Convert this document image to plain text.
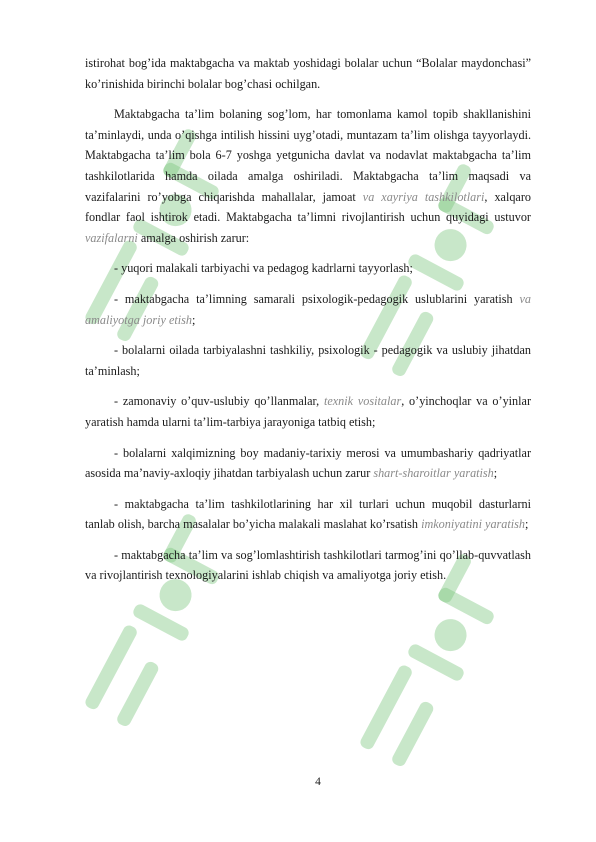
istirohat bog’ida maktabgacha va maktab yoshidagi bolalar uchun “Bolalar maydonchasi” ko’rinishida birinchi bolalar bog’chasi ochilgan.

Maktabgacha ta’lim bolaning sog’lom, har tomonlama kamol topib shakllanishini ta’minlaydi, unda o’qishga intilish hissini uyg’otadi, muntazam ta’lim olishga tayyorlaydi. Maktabgacha ta’lim bola 6-7 yoshga yetgunicha davlat va nodavlat maktabgacha ta’lim tashkilotlarida hamda oilada amalga oshiriladi. Maktabgacha ta’lim maqsadi va vazifalarini ro’yobga chiqarishda mahallalar, jamoat va xayriya tashkilotlari, xalqaro fondlar faol ishtirok etadi. Maktabgacha ta’limni rivojlantirish uchun quyidagi ustuvor vazifalarni amalga oshirish zarur:

- yuqori malakali tarbiyachi va pedagog kadrlarni tayyorlash;

- maktabgacha ta’limning samarali psixologik-pedagogik uslublarini yaratish va amaliyotga joriy etish;

- bolalarni oilada tarbiyalashni tashkiliy, psixologik - pedagogik va uslubiy jihatdan ta’minlash;

- zamonaviy o’quv-uslubiy qo’llanmalar, texnik vositalar, o’yinchoqlar va o’yinlar yaratish hamda ularni ta’lim-tarbiya jarayoniga tatbiq etish;

- bolalarni xalqimizning boy madaniy-tarixiy merosi va umumbashariy qadriyatlar asosida ma’naviy-axloqiy jihatdan tarbiyalash uchun zarur shart-sharoitlar yaratish;

- maktabgacha ta’lim tashkilotlarining har xil turlari uchun muqobil dasturlarni tanlab olish, barcha masalalar bo’yicha malakali maslahat ko’rsatish imkoniyatini yaratish;

- maktabgacha ta’lim va sog’lomlashtirish tashkilotlari tarmog’ini qo’llab-quvvatlash va rivojlantirish texnologiyalarini ishlab chiqish va amaliyotga joriy etish.

4
